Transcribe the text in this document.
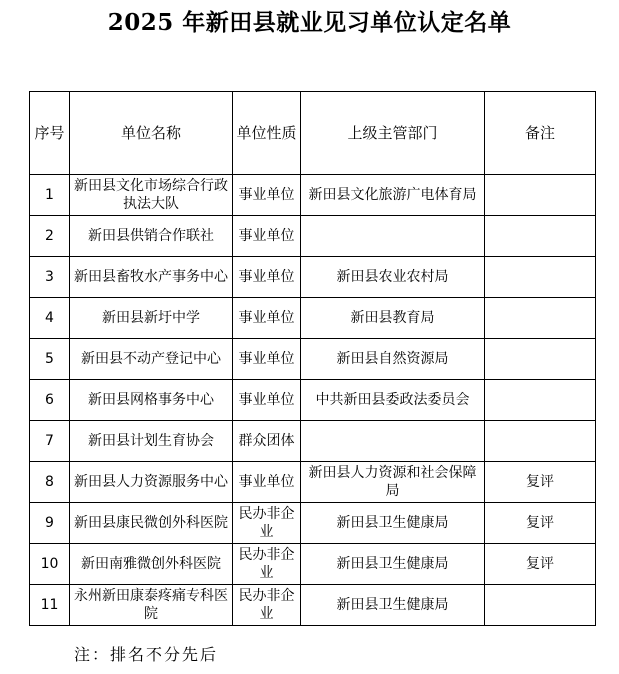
2025 年新田县就业见习单位认定名单
序号	单位名称	单位性质	上级主管部门	备注
1	新田县文化市场综合行政执法大队	事业单位	新田县文化旅游广电体育局	
2	新田县供销合作联社	事业单位		
3	新田县畜牧水产事务中心	事业单位	新田县农业农村局	
4	新田县新圩中学	事业单位	新田县教育局	
5	新田县不动产登记中心	事业单位	新田县自然资源局	
6	新田县网格事务中心	事业单位	中共新田县委政法委员会	
7	新田县计划生育协会	群众团体		
8	新田县人力资源服务中心	事业单位	新田县人力资源和社会保障局	复评
9	新田县康民微创外科医院	民办非企业	新田县卫生健康局	复评
10	新田南雅微创外科医院	民办非企业	新田县卫生健康局	复评
11	永州新田康泰疼痛专科医院	民办非企业	新田县卫生健康局	
注：排名不分先后
